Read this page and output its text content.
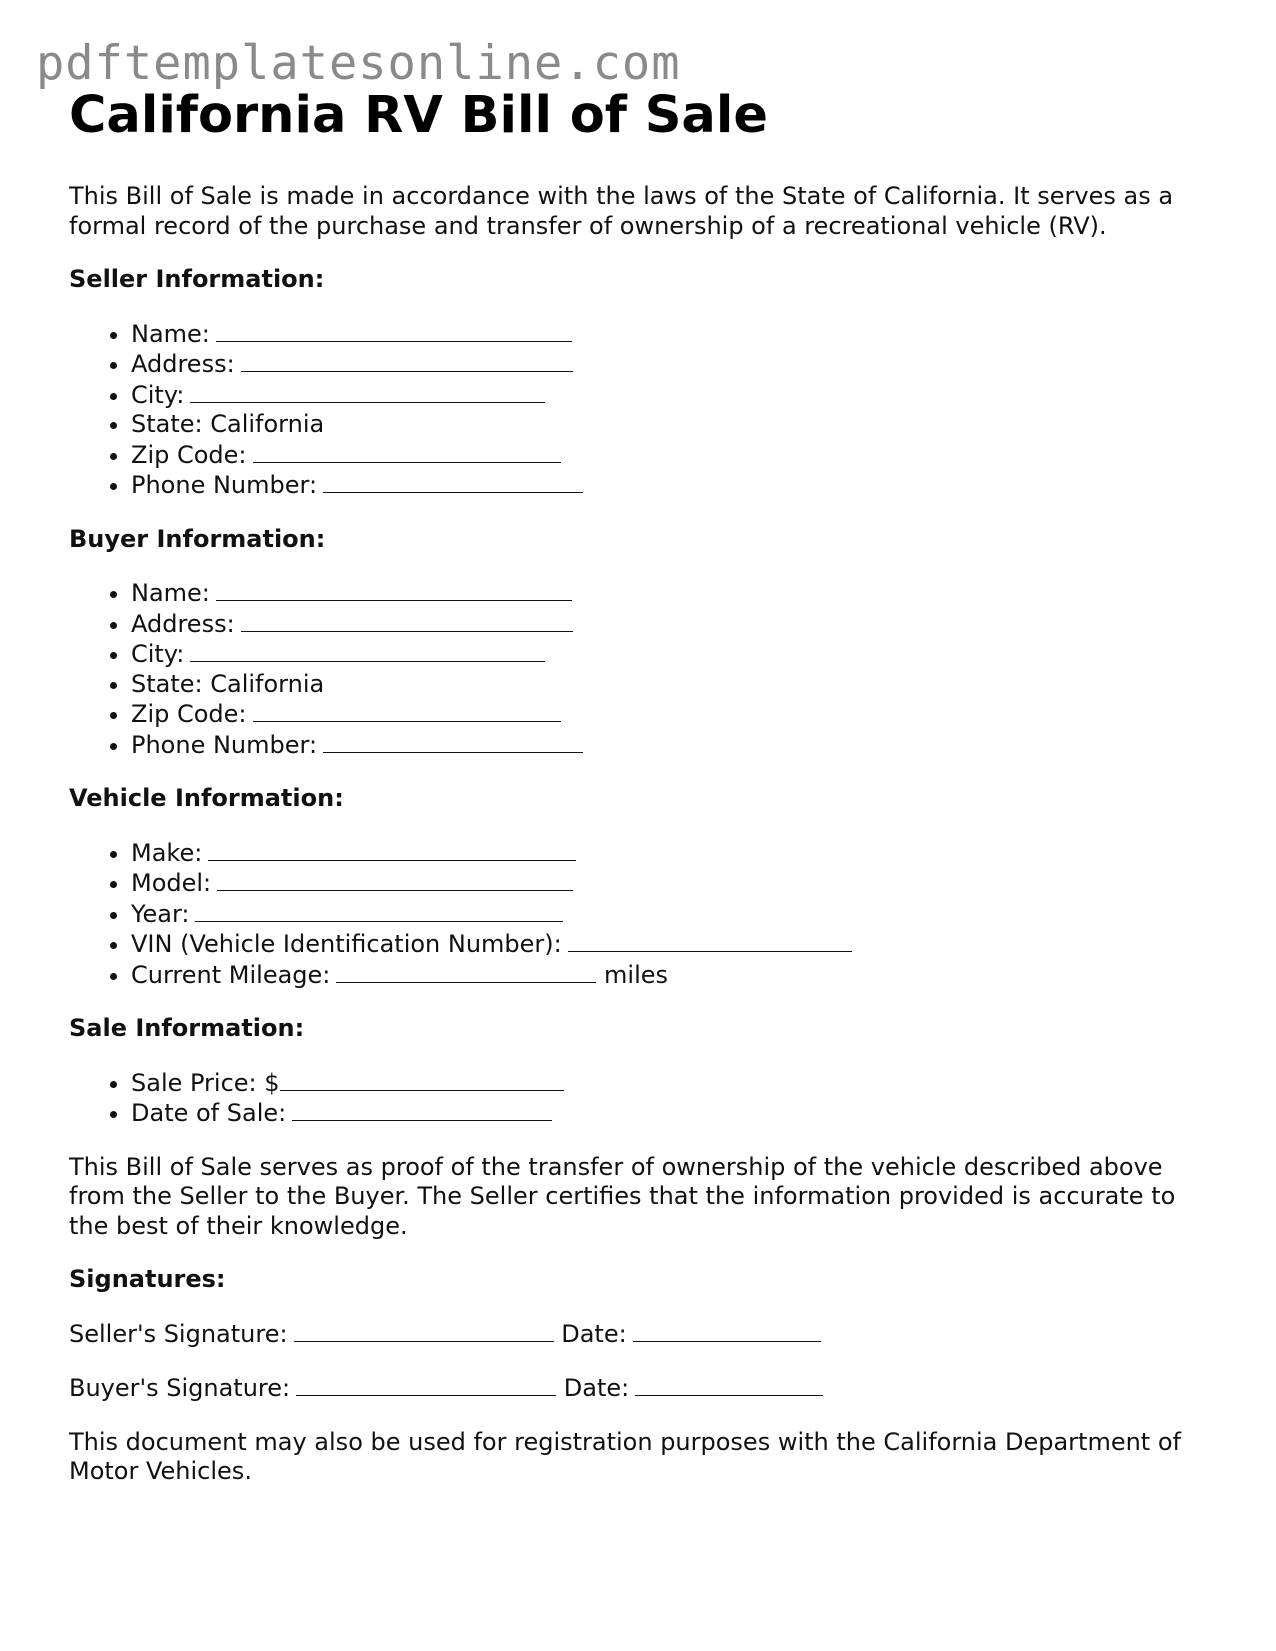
pdftemplatesonline.com
California RV Bill of Sale

This Bill of Sale is made in accordance with the laws of the State of California. It serves as a formal record of the purchase and transfer of ownership of a recreational vehicle (RV).

Seller Information:
• Name:
• Address:
• City:
• State: California
• Zip Code:
• Phone Number:
Buyer Information:
• Name:
• Address:
• City:
• State: California
• Zip Code:
• Phone Number:
Vehicle Information:
• Make:
• Model:
• Year:
• VIN (Vehicle Identification Number):
• Current Mileage:	miles
Sale Information:
• Sale Price: $
• Date of Sale:

This Bill of Sale serves as proof of the transfer of ownership of the vehicle described above from the Seller to the Buyer. The Seller certifies that the information provided is accurate to the best of their knowledge.

Signatures:
Seller's Signature:	Date:
Buyer's Signature:	Date:

This document may also be used for registration purposes with the California Department of Motor Vehicles.
